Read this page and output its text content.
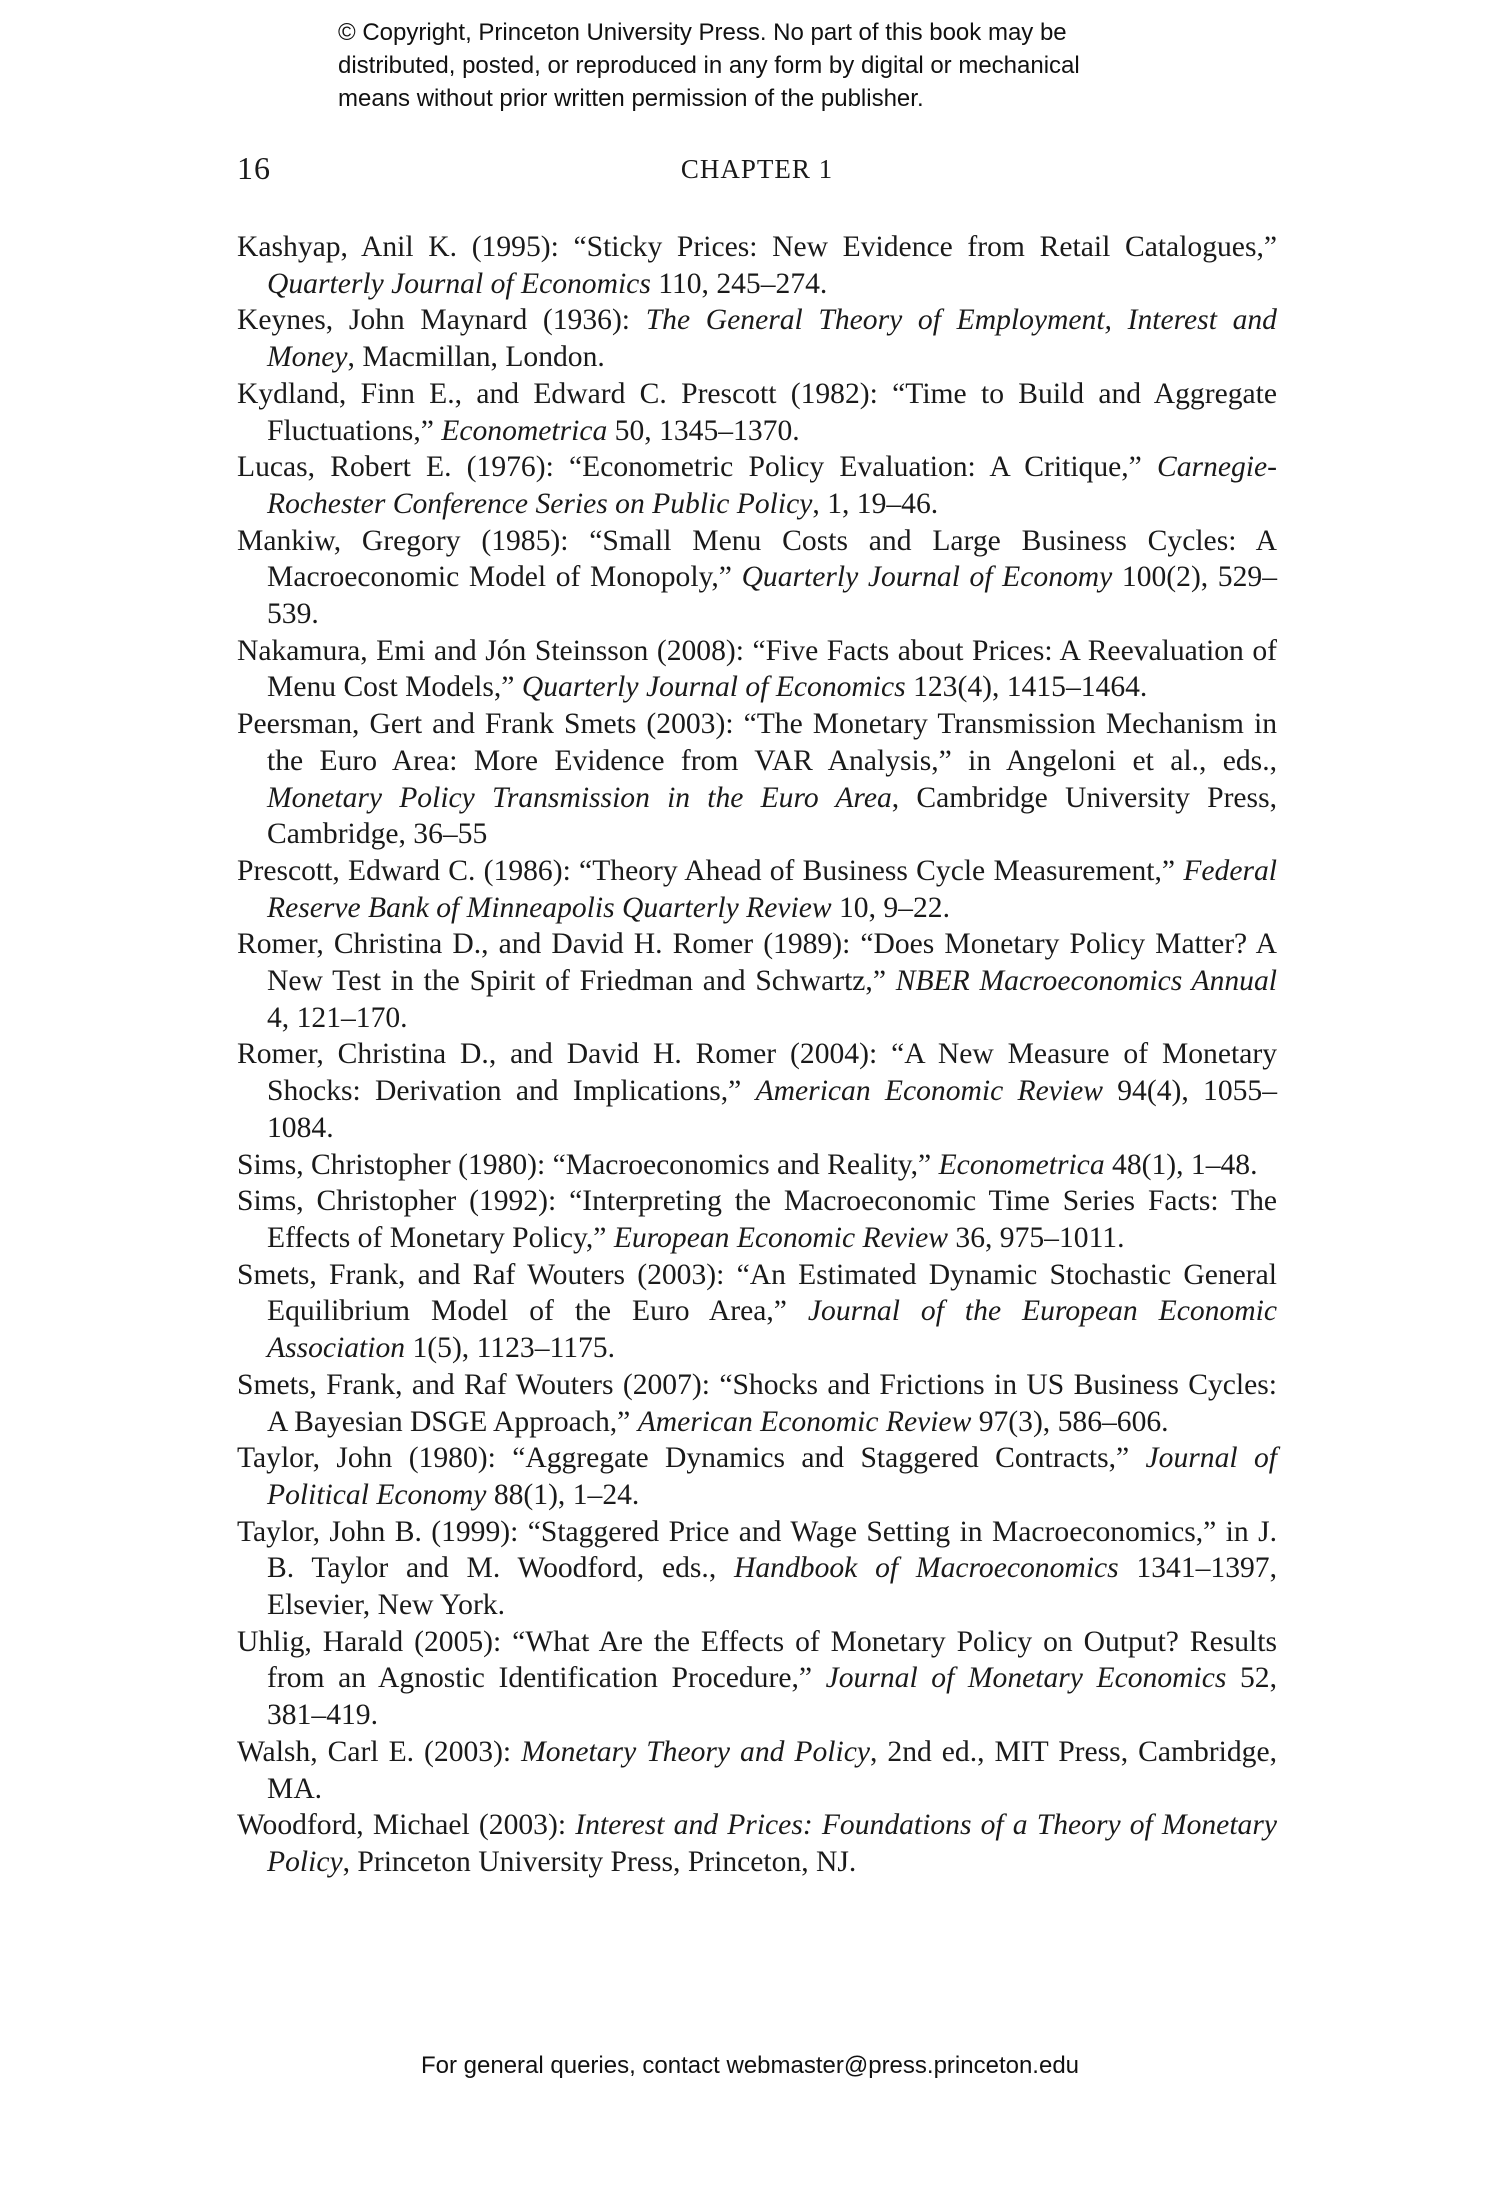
© Copyright, Princeton University Press. No part of this book may be
distributed, posted, or reproduced in any form by digital or mechanical
means without prior written permission of the publisher.
16	CHAPTER 1

Kashyap, Anil K. (1995): “Sticky Prices: New Evidence from Retail Catalogues,” Quarterly Journal of Economics 110, 245–274.

Keynes, John Maynard (1936): The General Theory of Employment, Interest and Money, Macmillan, London.

Kydland, Finn E., and Edward C. Prescott (1982): “Time to Build and Aggregate Fluctuations,” Econometrica 50, 1345–1370.

Lucas, Robert E. (1976): “Econometric Policy Evaluation: A Critique,” Carnegie-Rochester Conference Series on Public Policy, 1, 19–46.

Mankiw, Gregory (1985): “Small Menu Costs and Large Business Cycles: A Macroeconomic Model of Monopoly,” Quarterly Journal of Economy 100(2), 529–539.

Nakamura, Emi and Jón Steinsson (2008): “Five Facts about Prices: A Reevaluation of Menu Cost Models,” Quarterly Journal of Economics 123(4), 1415–1464.

Peersman, Gert and Frank Smets (2003): “The Monetary Transmission Mechanism in the Euro Area: More Evidence from VAR Analysis,” in Angeloni et al., eds., Monetary Policy Transmission in the Euro Area, Cambridge University Press, Cambridge, 36–55

Prescott, Edward C. (1986): “Theory Ahead of Business Cycle Measurement,” Federal Reserve Bank of Minneapolis Quarterly Review 10, 9–22.

Romer, Christina D., and David H. Romer (1989): “Does Monetary Policy Matter? A New Test in the Spirit of Friedman and Schwartz,” NBER Macroeconomics Annual 4, 121–170.

Romer, Christina D., and David H. Romer (2004): “A New Measure of Monetary Shocks: Derivation and Implications,” American Economic Review 94(4), 1055–1084.

Sims, Christopher (1980): “Macroeconomics and Reality,” Econometrica 48(1), 1–48.

Sims, Christopher (1992): “Interpreting the Macroeconomic Time Series Facts: The Effects of Monetary Policy,” European Economic Review 36, 975–1011.

Smets, Frank, and Raf Wouters (2003): “An Estimated Dynamic Stochastic General Equilibrium Model of the Euro Area,” Journal of the European Economic Association 1(5), 1123–1175.

Smets, Frank, and Raf Wouters (2007): “Shocks and Frictions in US Business Cycles: A Bayesian DSGE Approach,” American Economic Review 97(3), 586–606.

Taylor, John (1980): “Aggregate Dynamics and Staggered Contracts,” Journal of Political Economy 88(1), 1–24.

Taylor, John B. (1999): “Staggered Price and Wage Setting in Macroeconomics,” in J. B. Taylor and M. Woodford, eds., Handbook of Macroeconomics 1341–1397, Elsevier, New York.

Uhlig, Harald (2005): “What Are the Effects of Monetary Policy on Output? Results from an Agnostic Identification Procedure,” Journal of Monetary Economics 52, 381–419.

Walsh, Carl E. (2003): Monetary Theory and Policy, 2nd ed., MIT Press, Cambridge, MA.

Woodford, Michael (2003): Interest and Prices: Foundations of a Theory of Monetary Policy, Princeton University Press, Princeton, NJ.

For general queries, contact webmaster@press.princeton.edu
